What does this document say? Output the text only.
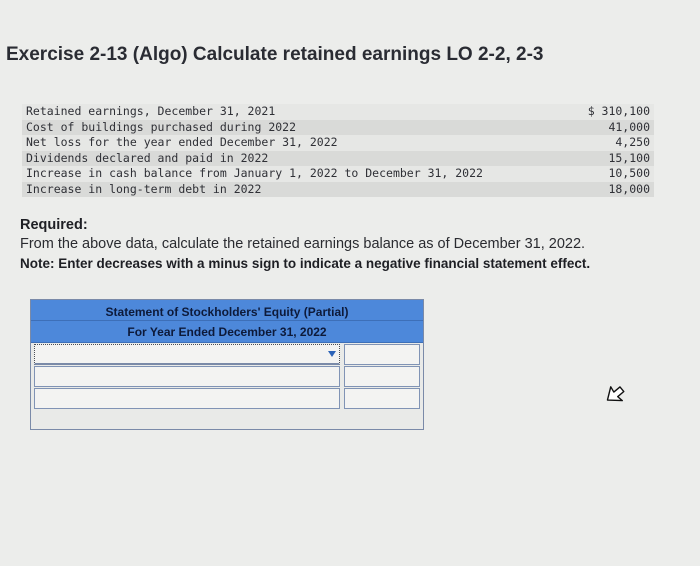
Exercise 2-13 (Algo) Calculate retained earnings LO 2-2, 2-3
Retained earnings, December 31, 2021	$ 310,100
Cost of buildings purchased during 2022	41,000
Net loss for the year ended December 31, 2022	4,250
Dividends declared and paid in 2022	15,100
Increase in cash balance from January 1, 2022 to December 31, 2022	10,500
Increase in long-term debt in 2022	18,000
Required:
From the above data, calculate the retained earnings balance as of December 31, 2022.
Note: Enter decreases with a minus sign to indicate a negative financial statement effect.
Statement of Stockholders' Equity (Partial)
For Year Ended December 31, 2022
